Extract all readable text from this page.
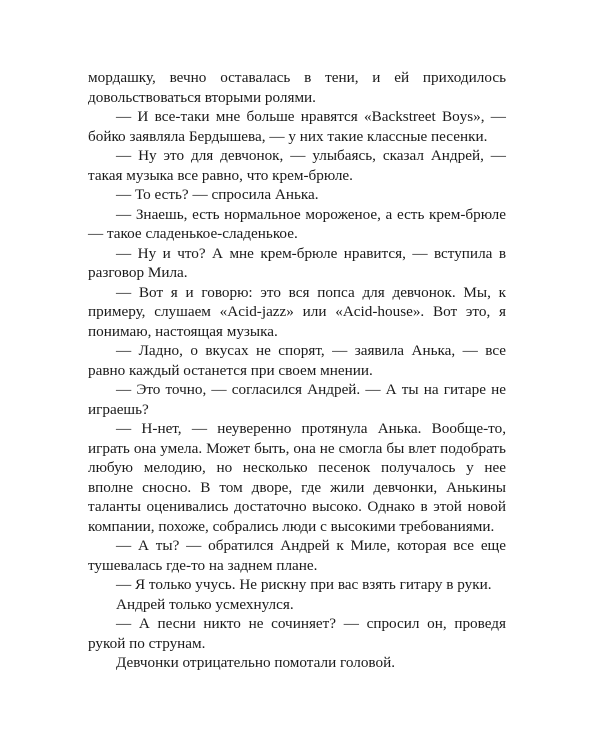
мордашку, вечно оставалась в тени, и ей приходилось довольствоваться вторыми ролями.

— И все-таки мне больше нравятся «Backstreet Boys», — бойко заявляла Бердышева, — у них такие классные песенки.

— Ну это для девчонок, — улыбаясь, сказал Андрей, — такая музыка все равно, что крем-брюле.

— То есть? — спросила Анька.

— Знаешь, есть нормальное мороженое, а есть крем-брюле — такое сладенькое-сладенькое.

— Ну и что? А мне крем-брюле нравится, — вступила в разговор Мила.

— Вот я и говорю: это вся попса для девчонок. Мы, к примеру, слушаем «Acid-jazz» или «Acid-house». Вот это, я понимаю, настоящая музыка.

— Ладно, о вкусах не спорят, — заявила Анька, — все равно каждый останется при своем мнении.

— Это точно, — согласился Андрей. — А ты на гитаре не играешь?

— Н-нет, — неуверенно протянула Анька. Вообще-то, играть она умела. Может быть, она не смогла бы влет подобрать любую мелодию, но несколько песенок получалось у нее вполне сносно. В том дворе, где жили девчонки, Анькины таланты оценивались достаточно высоко. Однако в этой новой компании, похоже, собрались люди с высокими требованиями.

— А ты? — обратился Андрей к Миле, которая все еще тушевалась где-то на заднем плане.

— Я только учусь. Не рискну при вас взять гитару в руки.

Андрей только усмехнулся.

— А песни никто не сочиняет? — спросил он, проведя рукой по струнам.

Девчонки отрицательно помотали головой.
